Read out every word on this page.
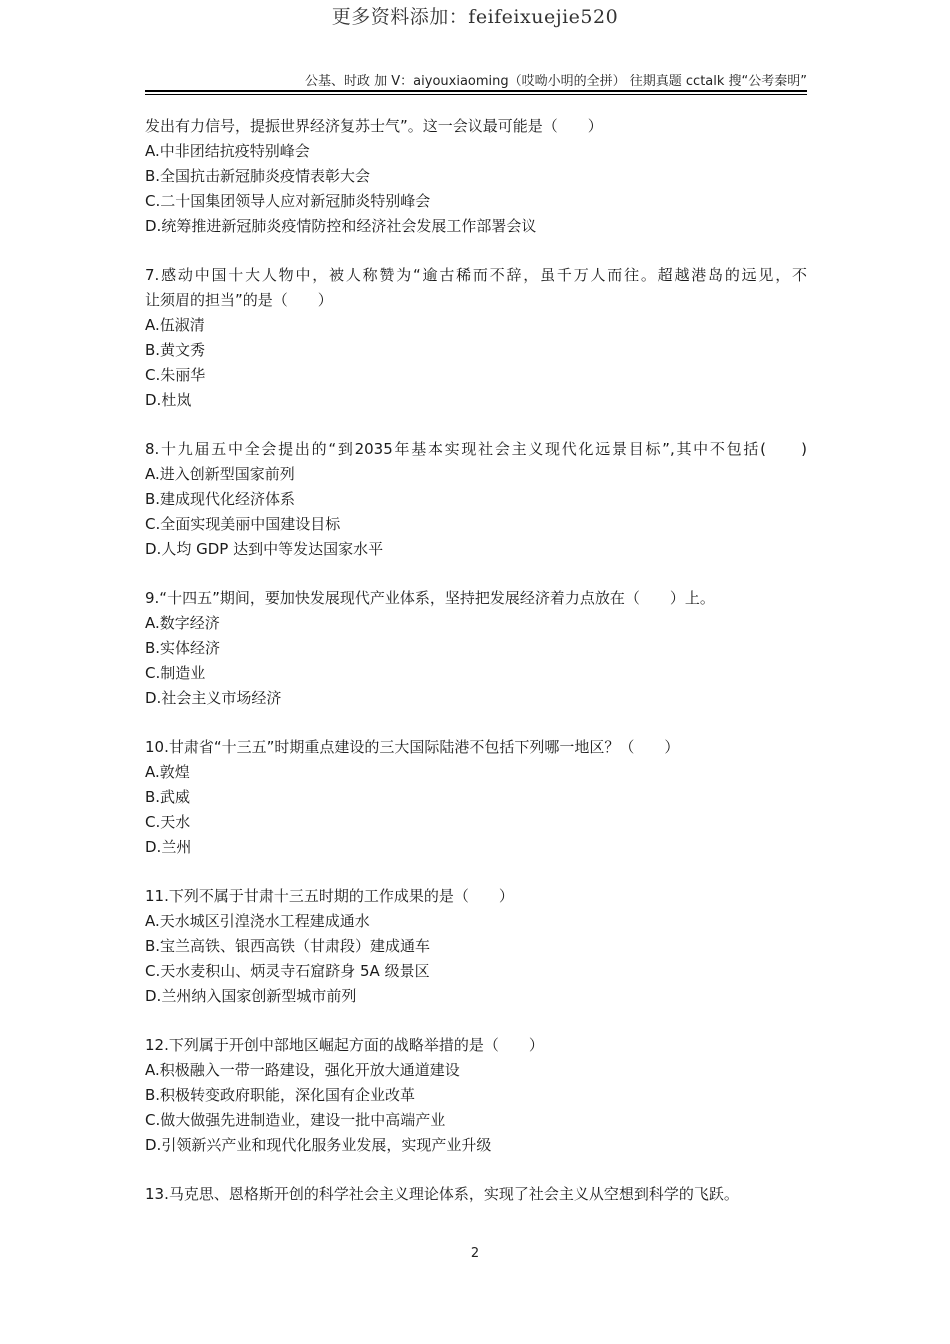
更多资料添加：feifeixuejie520
公基、时政 加 V：aiyouxiaoming（哎呦小明的全拼） 往期真题 cctalk 搜“公考秦明”
发出有力信号，提振世界经济复苏士气”。这一会议最可能是（　　）
A.中非团结抗疫特别峰会
B.全国抗击新冠肺炎疫情表彰大会
C.二十国集团领导人应对新冠肺炎特别峰会
D.统筹推进新冠肺炎疫情防控和经济社会发展工作部署会议
7.感动中国十大人物中，被人称赞为“逾古稀而不辞，虽千万人而往。超越港岛的远见，不
让须眉的担当”的是（　　）
A.伍淑清
B.黄文秀
C.朱丽华
D.杜岚
8.十九届五中全会提出的“到2035年基本实现社会主义现代化远景目标”,其中不包括(　　)
A.进入创新型国家前列
B.建成现代化经济体系
C.全面实现美丽中国建设目标
D.人均 GDP 达到中等发达国家水平
9.“十四五”期间，要加快发展现代产业体系，坚持把发展经济着力点放在（　　）上。
A.数字经济
B.实体经济
C.制造业
D.社会主义市场经济
10.甘肃省“十三五”时期重点建设的三大国际陆港不包括下列哪一地区？（　　）
A.敦煌
B.武威
C.天水
D.兰州
11.下列不属于甘肃十三五时期的工作成果的是（　　）
A.天水城区引湟浇水工程建成通水
B.宝兰高铁、银西高铁（甘肃段）建成通车
C.天水麦积山、炳灵寺石窟跻身 5A 级景区
D.兰州纳入国家创新型城市前列
12.下列属于开创中部地区崛起方面的战略举措的是（　　）
A.积极融入一带一路建设，强化开放大通道建设
B.积极转变政府职能，深化国有企业改革
C.做大做强先进制造业，建设一批中高端产业
D.引领新兴产业和现代化服务业发展，实现产业升级
13.马克思、恩格斯开创的科学社会主义理论体系，实现了社会主义从空想到科学的飞跃。
2
